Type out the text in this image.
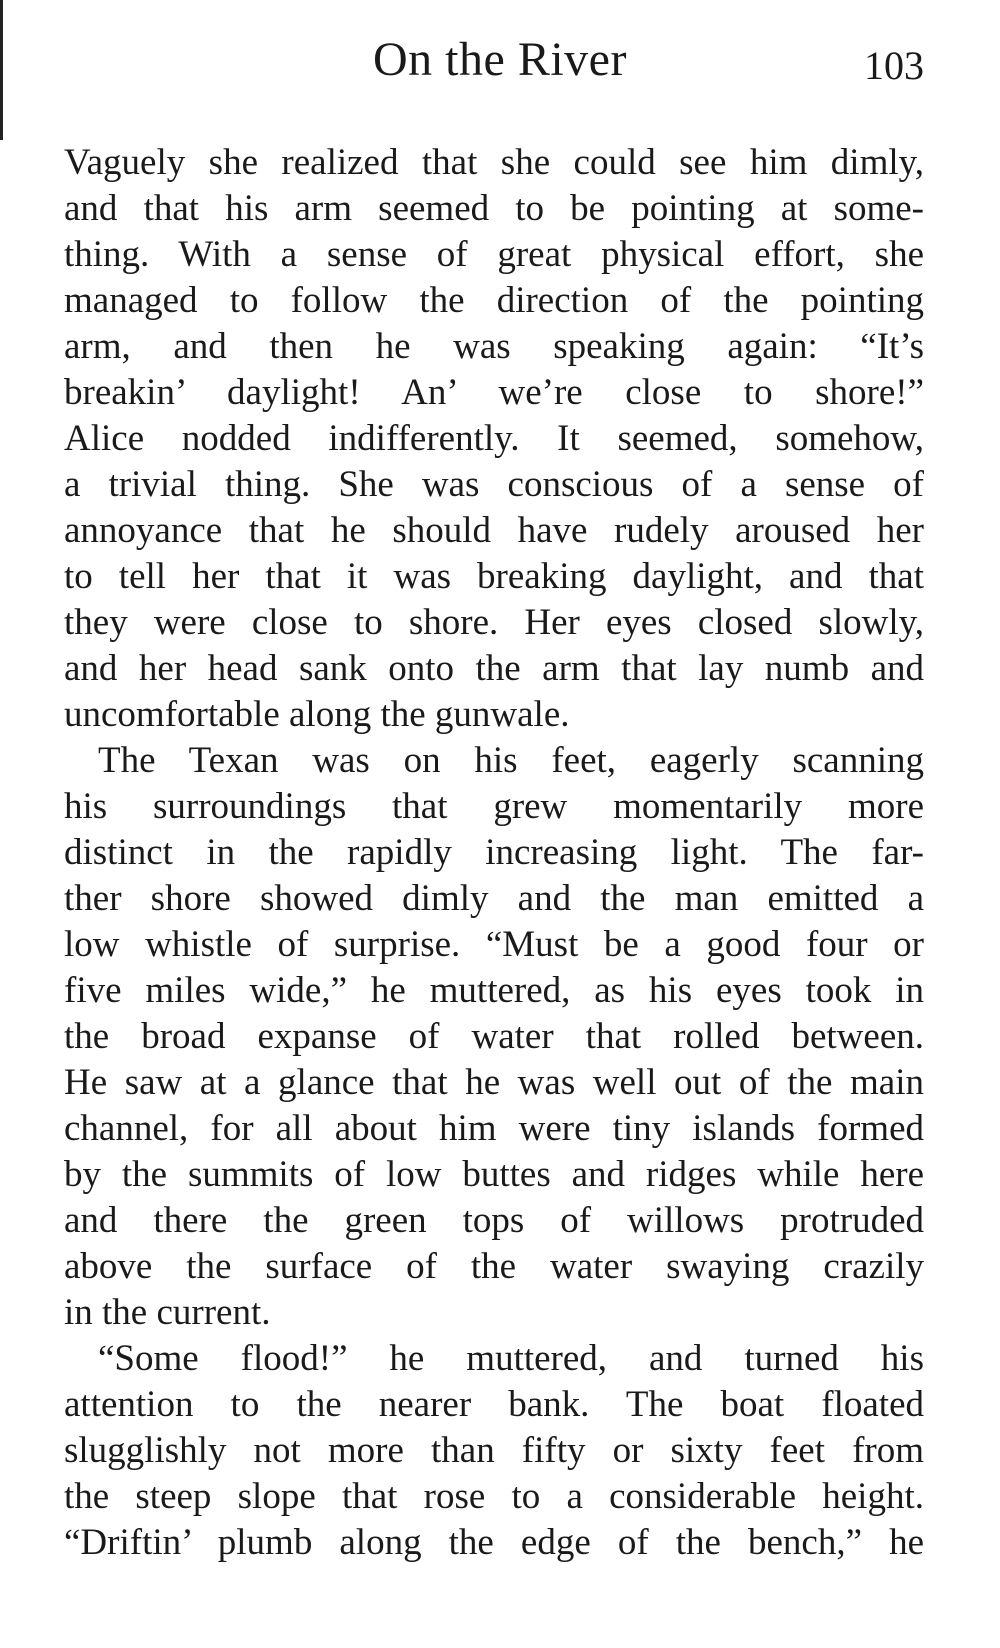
On the River	103
Vaguely she realized that she could see him dimly,
and that his arm seemed to be pointing at some-
thing. With a sense of great physical effort, she
managed to follow the direction of the pointing
arm, and then he was speaking again: “It’s
breakin’ daylight! An’ we’re close to shore!”
Alice nodded indifferently. It seemed, somehow,
a trivial thing. She was conscious of a sense of
annoyance that he should have rudely aroused her
to tell her that it was breaking daylight, and that
they were close to shore. Her eyes closed slowly,
and her head sank onto the arm that lay numb and
uncomfortable along the gunwale.
The Texan was on his feet, eagerly scanning
his surroundings that grew momentarily more
distinct in the rapidly increasing light. The far-
ther shore showed dimly and the man emitted a
low whistle of surprise. “Must be a good four or
five miles wide,” he muttered, as his eyes took in
the broad expanse of water that rolled between.
He saw at a glance that he was well out of the main
channel, for all about him were tiny islands formed
by the summits of low buttes and ridges while here
and there the green tops of willows protruded
above the surface of the water swaying crazily
in the current.
“Some flood!” he muttered, and turned his
attention to the nearer bank. The boat floated
slugglishly not more than fifty or sixty feet from
the steep slope that rose to a considerable height.
“Driftin’ plumb along the edge of the bench,” he
